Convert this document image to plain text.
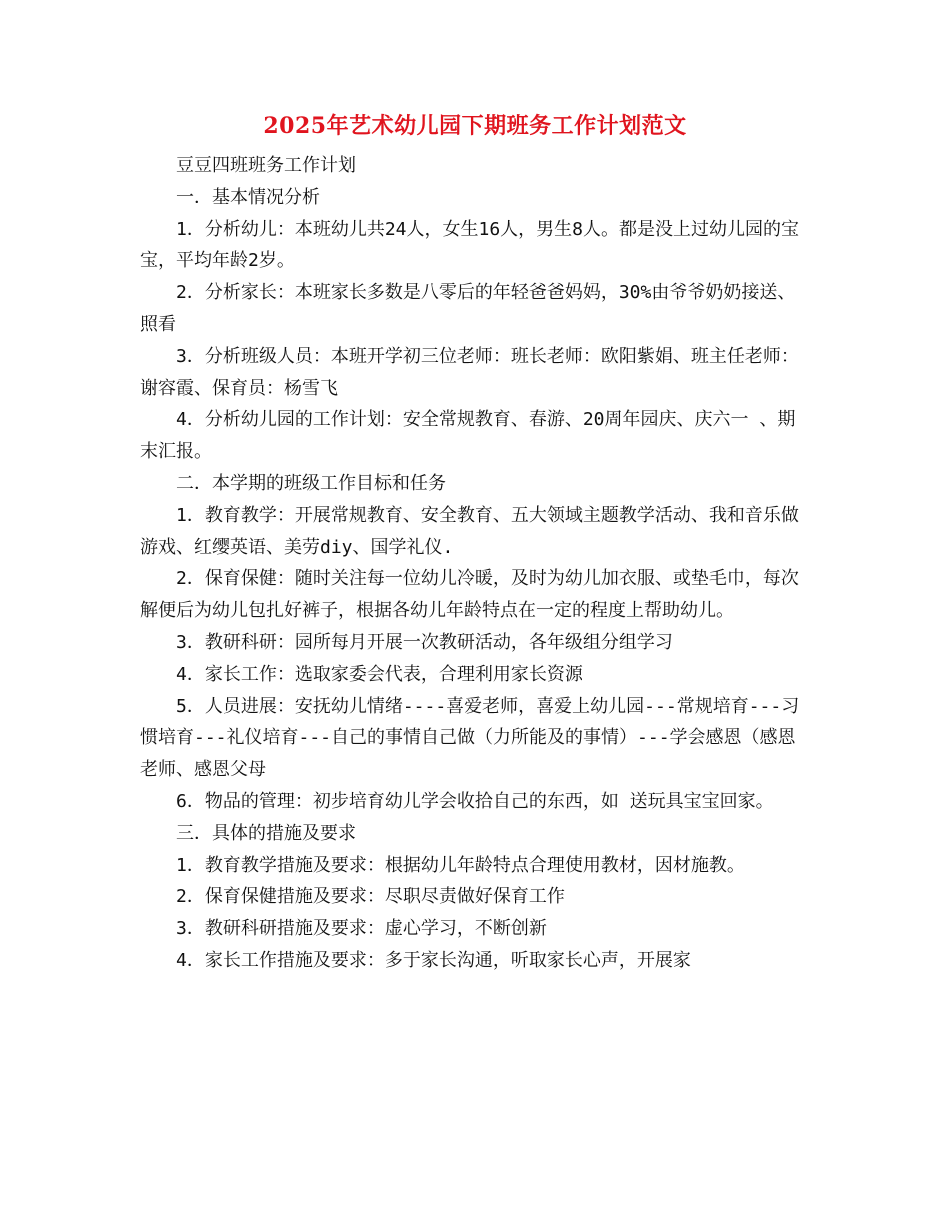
2025年艺术幼儿园下期班务工作计划范文

豆豆四班班务工作计划

一．基本情况分析

1．分析幼儿：本班幼儿共24人，女生16人，男生8人。都是没上过幼儿园的宝宝，平均年龄2岁。

2．分析家长：本班家长多数是八零后的年轻爸爸妈妈，30%由爷爷奶奶接送、照看

3．分析班级人员：本班开学初三位老师：班长老师：欧阳紫娟、班主任老师：谢容霞、保育员：杨雪飞

4．分析幼儿园的工作计划：安全常规教育、春游、20周年园庆、庆六一 、期末汇报。

二．本学期的班级工作目标和任务

1．教育教学：开展常规教育、安全教育、五大领域主题教学活动、我和音乐做游戏、红缨英语、美劳diy、国学礼仪.

2．保育保健：随时关注每一位幼儿冷暖，及时为幼儿加衣服、或垫毛巾，每次解便后为幼儿包扎好裤子，根据各幼儿年龄特点在一定的程度上帮助幼儿。

3．教研科研：园所每月开展一次教研活动，各年级组分组学习

4．家长工作：选取家委会代表，合理利用家长资源

5．人员进展：安抚幼儿情绪----喜爱老师，喜爱上幼儿园---常规培育---习惯培育---礼仪培育---自己的事情自己做（力所能及的事情）---学会感恩（感恩老师、感恩父母

6．物品的管理：初步培育幼儿学会收拾自己的东西，如 送玩具宝宝回家。

三．具体的措施及要求

1．教育教学措施及要求：根据幼儿年龄特点合理使用教材，因材施教。

2．保育保健措施及要求：尽职尽责做好保育工作

3．教研科研措施及要求：虚心学习，不断创新

4．家长工作措施及要求：多于家长沟通，听取家长心声，开展家
